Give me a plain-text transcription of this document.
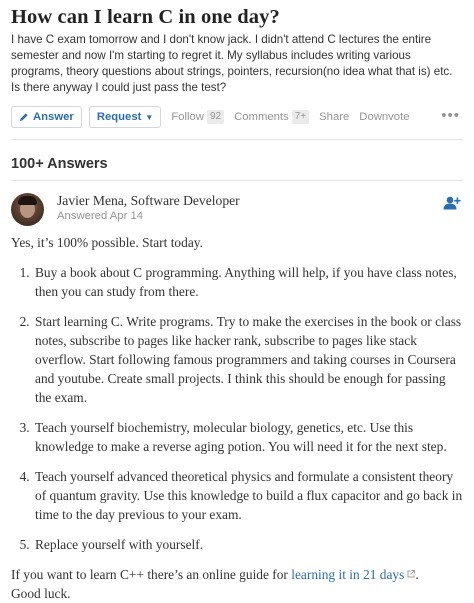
How can I learn C in one day?
I have C exam tomorrow and I don't know jack. I didn't attend C lectures the entire semester and now I'm starting to regret it. My syllabus includes writing various programs, theory questions about strings, pointers, recursion(no idea what that is) etc. Is there anyway I could just pass the test?
Answer Request ▼ Follow 92 Comments 7+ Share Downvote •••
100+ Answers
Javier Mena, Software Developer
Answered Apr 14

Yes, it’s 100% possible. Start today.

1. Buy a book about C programming. Anything will help, if you have class notes, then you can study from there.
2. Start learning C. Write programs. Try to make the exercises in the book or class notes, subscribe to pages like hacker rank, subscribe to pages like stack overflow. Start following famous programmers and taking courses in Coursera and youtube. Create small projects. I think this should be enough for passing the exam.
3. Teach yourself biochemistry, molecular biology, genetics, etc. Use this knowledge to make a reverse aging potion. You will need it for the next step.
4. Teach yourself advanced theoretical physics and formulate a consistent theory of quantum gravity. Use this knowledge to build a flux capacitor and go back in time to the day previous to your exam.
5. Replace yourself with yourself.

If you want to learn C++ there’s an online guide for learning it in 21 days .

Good luck.
